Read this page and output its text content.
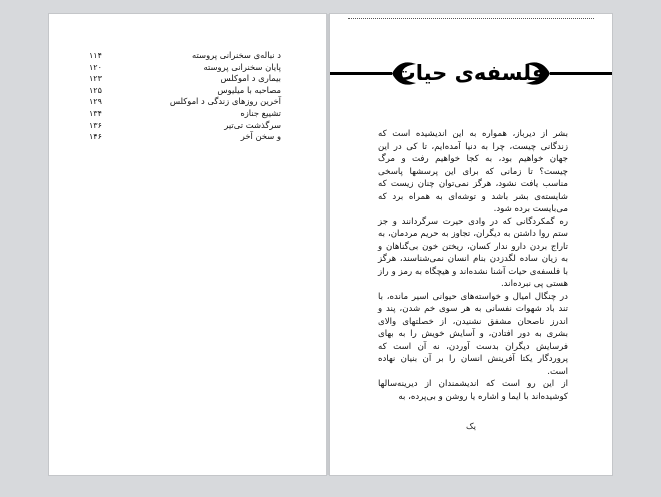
د نباله‌ی سخنرانی پروسته
۱۱۴
پایان سخنرانی پروسته
۱۲۰
بیماری د اموکلس
۱۲۳
مصاحبه با میلیوس
۱۲۵
آخرین روزهای زندگی د اموکلس
۱۲۹
تشییع جنازه
۱۳۴
سرگذشت تی‌تیر
۱۳۶
و سخن آخر
۱۴۶
فلسفه‌ی حیات

بشر از دیرباز، همواره به این اندیشیده است که زندگانی چیست، چرا به دنیا آمده‌ایم، تا کی در این جهان خواهیم بود، به کجا خواهیم رفت و مرگ چیست؟ تا زمانی که برای این پرسشها پاسخی مناسب یافت نشود، هرگز نمی‌توان چنان زیست که شایسته‌ی بشر باشد و توشه‌ای به همراه برد که می‌بایست برده شود.

ره گمکردگانی که در وادی حیرت سرگردانند و جز ستم روا داشتن به دیگران، تجاوز به حریم مردمان، به تاراج بردن دارو ندار کسان، ریختن خون بی‌گناهان و به زیان ساده لگدزدن بنام انسان نمی‌شناسند، هرگز با فلسفه‌ی حیات آشنا نشده‌اند و هیچگاه به رمز و راز هستی پی نبرده‌اند.

در چنگال امیال و خواسته‌های حیوانی اسیر مانده، با تند باد شهوات نفسانی به هر سوی خم شدن، پند و اندرز ناصحان مشفق نشنیدن، از خصلتهای والای بشری به دور افتادن، و آسایش خویش را به بهای فرسایش دیگران بدست آوردن، نه آن است که پروردگار یکتا آفرینش انسان را بر آن بنیان نهاده است.

از این رو است که اندیشمندان از دیرینه‌سالها کوشیده‌اند با ایما و اشاره یا روشن و بی‌پرده، به

یک
